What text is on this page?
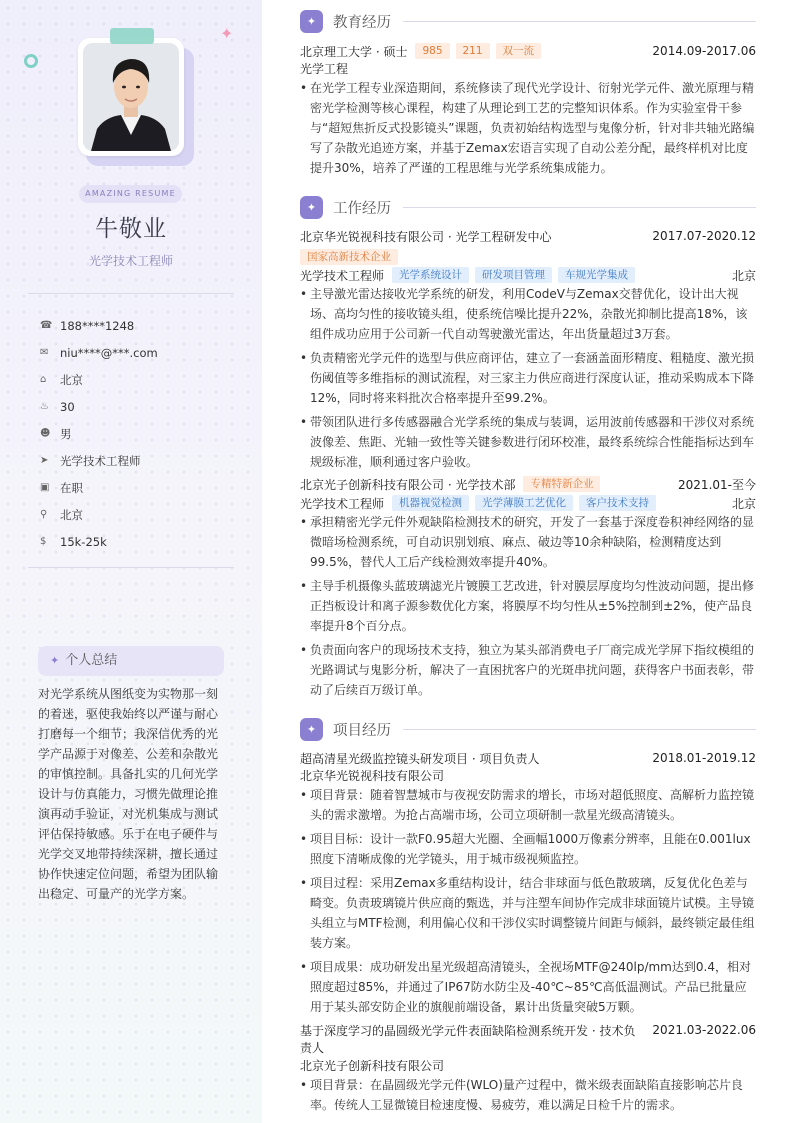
✦
AMAZING RESUME
牛敬业
光学技术工程师
☎ 188****1248
✉	niu****@***.com
⌂	北京
♨ 30
☻ 男
➤	光学技术工程师
▣ 在职
⚲	北京
$	15k-25k
✦ 个人总结
对光学系统从图纸变为实物那一刻的着迷，驱使我始终以严谨与耐心打磨每一个细节；我深信优秀的光学产品源于对像差、公差和杂散光的审慎控制。具备扎实的几何光学设计与仿真能力，习惯先做理论推演再动手验证，对光机集成与测试评估保持敏感。乐于在电子硬件与光学交叉地带持续深耕，擅长通过协作快速定位问题，希望为团队输出稳定、可量产的光学方案。
✦	教育经历
北京理工大学 · 硕士	985	211	双一流	2014.09-2017.06
光学工程
• 在光学工程专业深造期间，系统修读了现代光学设计、衍射光学元件、激光原理与精密光学检测等核心课程，构建了从理论到工艺的完整知识体系。作为实验室骨干参与“超短焦折反式投影镜头”课题，负责初始结构选型与鬼像分析，针对非共轴光路编写了杂散光追迹方案，并基于Zemax宏语言实现了自动公差分配，最终样机对比度提升30%，培养了严谨的工程思维与光学系统集成能力。
✦	工作经历
北京华光锐视科技有限公司 · 光学工程研发中心	2017.07-2020.12
国家高新技术企业
光学技术工程师	光学系统设计	研发项目管理	车规光学集成	北京
• 主导激光雷达接收光学系统的研发，利用CodeV与Zemax交替优化，设计出大视场、高均匀性的接收镜头组，使系统信噪比提升22%，杂散光抑制比提高18%，该组件成功应用于公司新一代自动驾驶激光雷达，年出货量超过3万套。
• 负责精密光学元件的选型与供应商评估，建立了一套涵盖面形精度、粗糙度、激光损伤阈值等多维指标的测试流程，对三家主力供应商进行深度认证，推动采购成本下降12%，同时将来料批次合格率提升至99.2%。
• 带领团队进行多传感器融合光学系统的集成与装调，运用波前传感器和干涉仪对系统波像差、焦距、光轴一致性等关键参数进行闭环校准，最终系统综合性能指标达到车规级标准，顺利通过客户验收。
北京光子创新科技有限公司 · 光学技术部	专精特新企业	2021.01-至今
光学技术工程师	机器视觉检测	光学薄膜工艺优化	客户技术支持	北京
• 承担精密光学元件外观缺陷检测技术的研究，开发了一套基于深度卷积神经网络的显微暗场检测系统，可自动识别划痕、麻点、破边等10余种缺陷，检测精度达到99.5%，替代人工后产线检测效率提升40%。
• 主导手机摄像头蓝玻璃滤光片镀膜工艺改进，针对膜层厚度均匀性波动问题，提出修正挡板设计和离子源参数优化方案，将膜厚不均匀性从±5%控制到±2%，使产品良率提升8个百分点。
• 负责面向客户的现场技术支持，独立为某头部消费电子厂商完成光学屏下指纹模组的光路调试与鬼影分析，解决了一直困扰客户的光斑串扰问题，获得客户书面表彰，带动了后续百万级订单。
✦	项目经历
超高清星光级监控镜头研发项目 · 项目负责人	2018.01-2019.12
北京华光锐视科技有限公司
• 项目背景：随着智慧城市与夜视安防需求的增长，市场对超低照度、高解析力监控镜头的需求激增。为抢占高端市场，公司立项研制一款星光级高清镜头。
• 项目目标：设计一款F0.95超大光圈、全画幅1000万像素分辨率，且能在0.001lux照度下清晰成像的光学镜头，用于城市级视频监控。
• 项目过程：采用Zemax多重结构设计，结合非球面与低色散玻璃，反复优化色差与畸变。负责玻璃镜片供应商的甄选，并与注塑车间协作完成非球面镜片试模。主导镜头组立与MTF检测，利用偏心仪和干涉仪实时调整镜片间距与倾斜，最终锁定最佳组装方案。
• 项目成果：成功研发出星光级超高清镜头，全视场MTF@240lp/mm达到0.4，相对照度超过85%，并通过了IP67防水防尘及-40℃~85℃高低温测试。产品已批量应用于某头部安防企业的旗舰前端设备，累计出货量突破5万颗。
基于深度学习的晶圆级光学元件表面缺陷检测系统开发 · 技术负 2021.03-2022.06
责人
北京光子创新科技有限公司
• 项目背景：在晶圆级光学元件(WLO)量产过程中，微米级表面缺陷直接影响芯片良率。传统人工显微镜目检速度慢、易疲劳，难以满足日检千片的需求。
